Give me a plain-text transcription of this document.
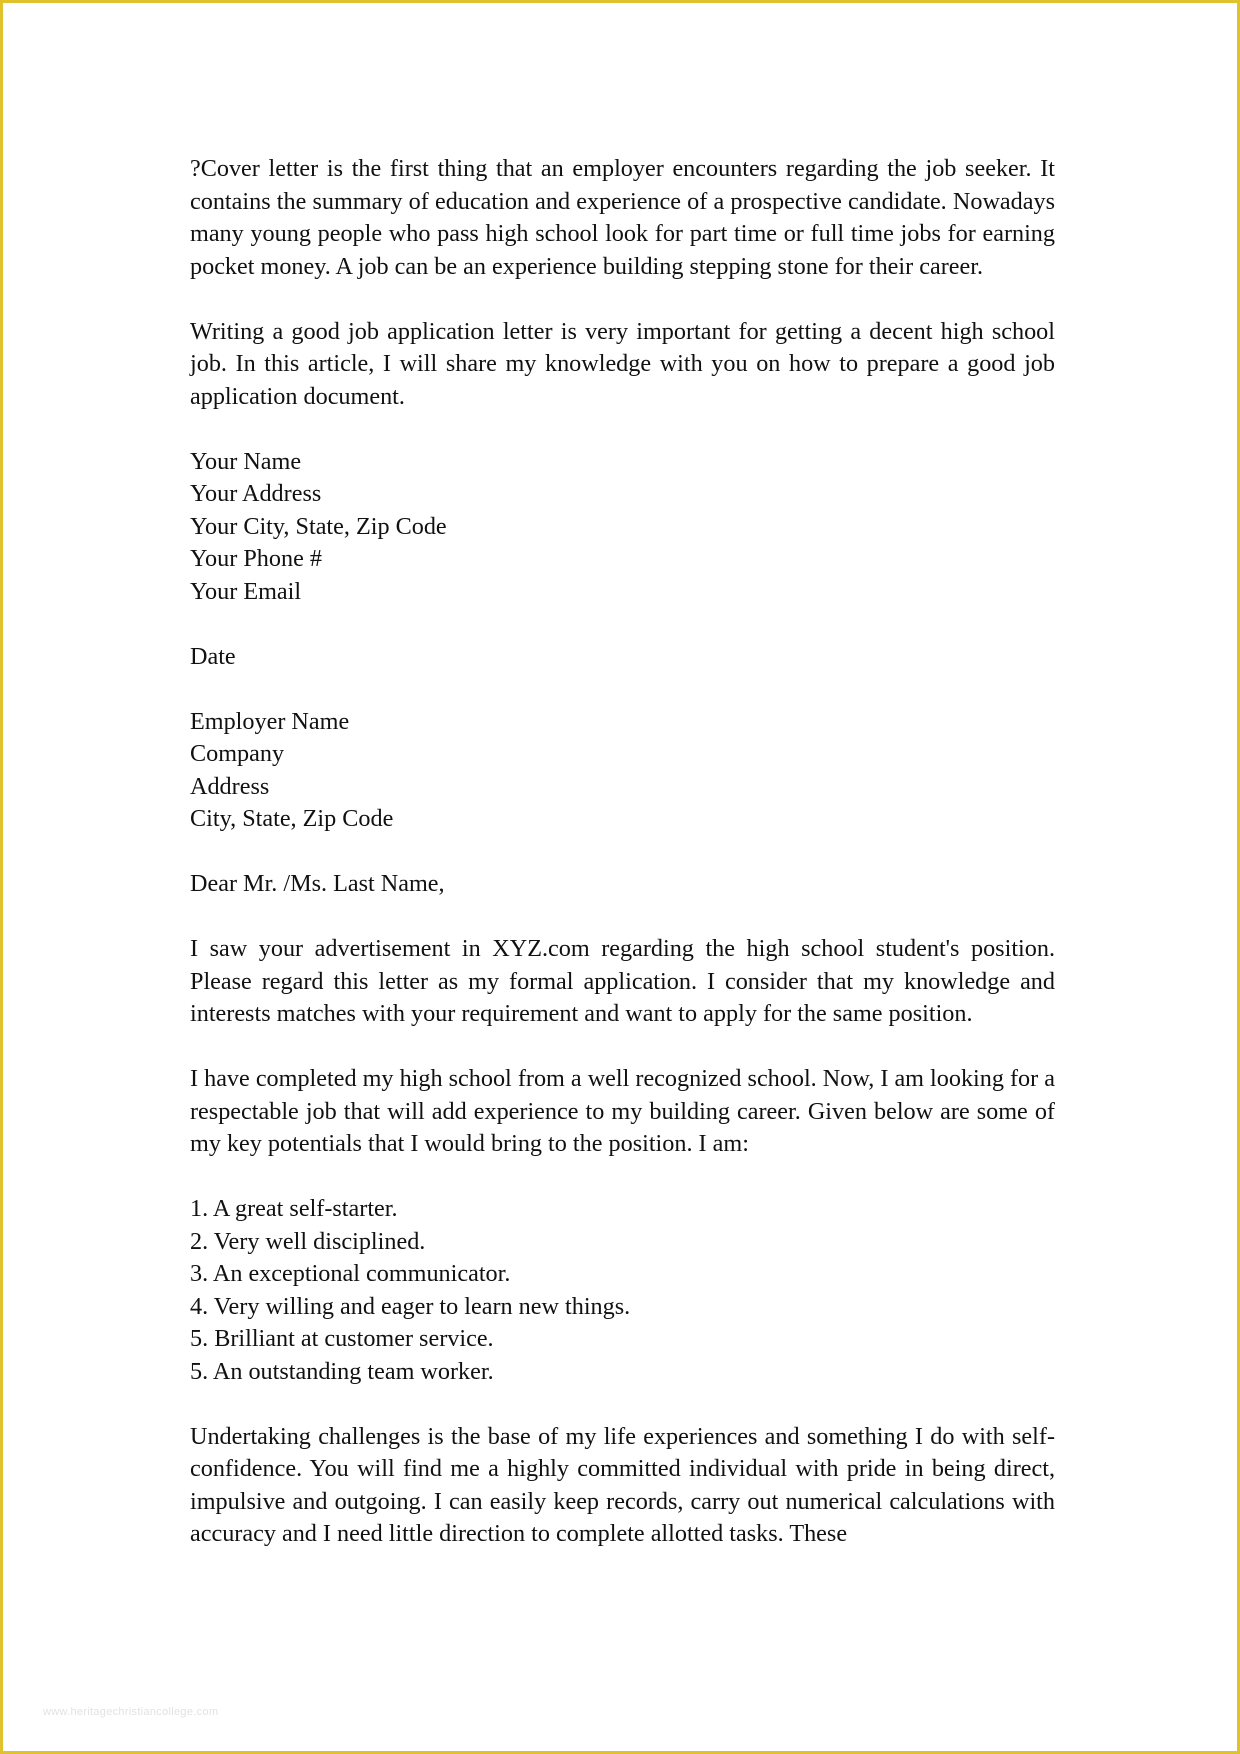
?Cover letter is the first thing that an employer encounters regarding the job seeker. It contains the summary of education and experience of a prospective candidate. Nowadays many young people who pass high school look for part time or full time jobs for earning pocket money. A job can be an experience building stepping stone for their career.

Writing a good job application letter is very important for getting a decent high school job. In this article, I will share my knowledge with you on how to prepare a good job application document.

Your Name
Your Address
Your City, State, Zip Code
Your Phone #
Your Email
Date
Employer Name
Company
Address
City, State, Zip Code
Dear Mr. /Ms. Last Name,

I saw your advertisement in XYZ.com regarding the high school student's position. Please regard this letter as my formal application. I consider that my knowledge and interests matches with your requirement and want to apply for the same position.

I have completed my high school from a well recognized school. Now, I am looking for a respectable job that will add experience to my building career. Given below are some of my key potentials that I would bring to the position. I am:

1. A great self-starter.
2. Very well disciplined.
3. An exceptional communicator.
4. Very willing and eager to learn new things.
5. Brilliant at customer service.
5. An outstanding team worker.

Undertaking challenges is the base of my life experiences and something I do with self-confidence. You will find me a highly committed individual with pride in being direct, impulsive and outgoing. I can easily keep records, carry out numerical calculations with accuracy and I need little direction to complete allotted tasks. These

www.heritagechristiancollege.com
